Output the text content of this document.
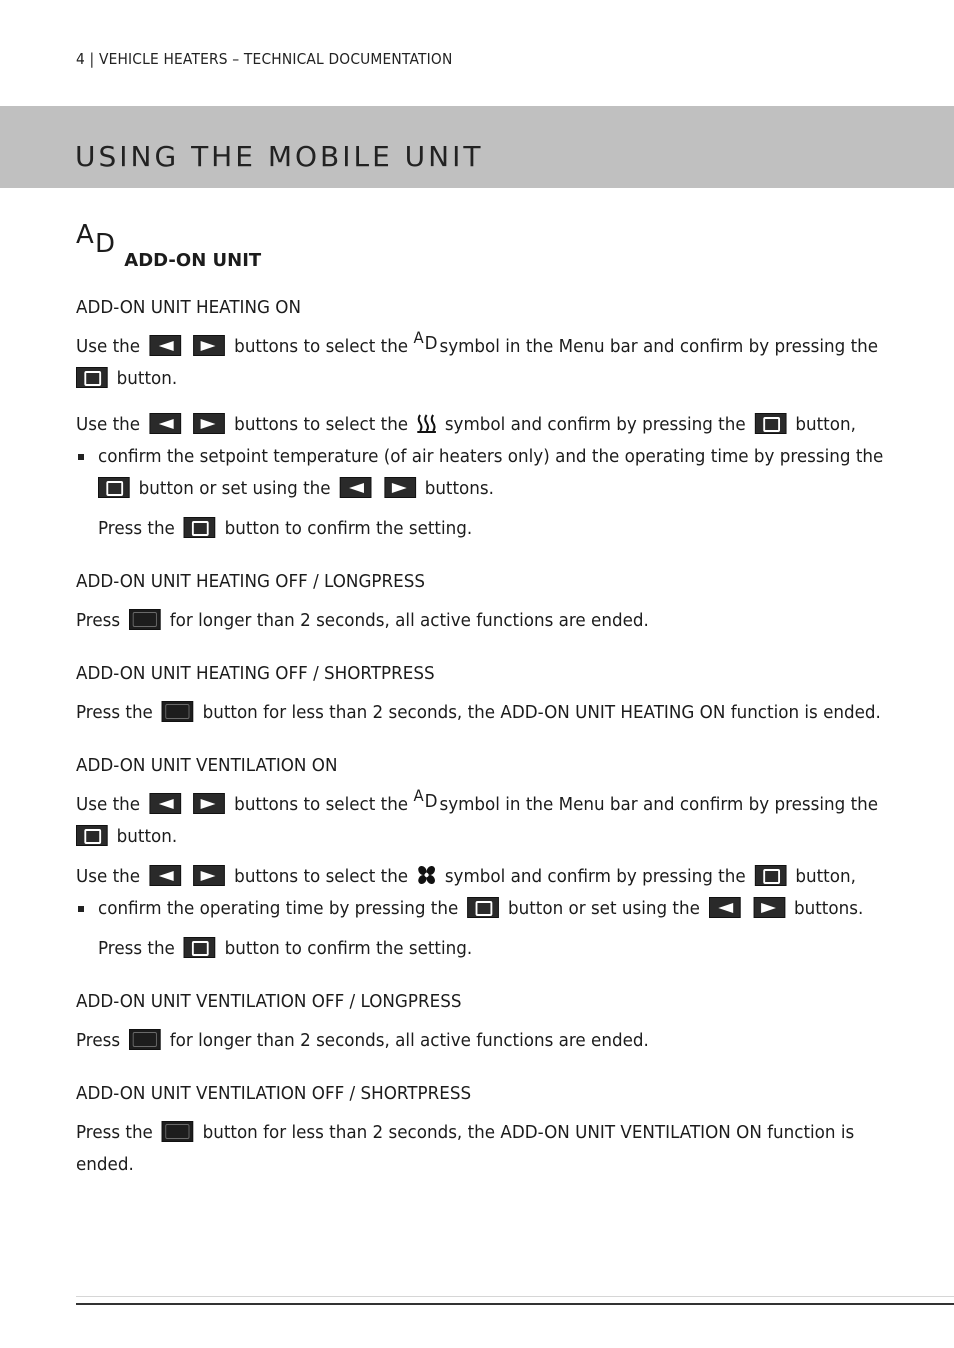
4 | VEHICLE HEATERS – TECHNICAL DOCUMENTATION
USING THE MOBILE UNIT
A D
ADD-ON UNIT
ADD-ON UNIT HEATING ON
Use the
	buttons to select the A D symbol in the Menu bar and confirm by pressing the
button.
Use the
	buttons to select the symbol and confirm by pressing the	button,
confirm the setpoint temperature (of air heaters only) and the operating time by pressing the
button or set using the
	buttons.
Press the	button to confirm the setting.
ADD-ON UNIT HEATING OFF / LONGPRESS
Press	for longer than 2 seconds, all active functions are ended.
ADD-ON UNIT HEATING OFF / SHORTPRESS
Press the	button for less than 2 seconds, the ADD-ON UNIT HEATING ON function is ended.
ADD-ON UNIT VENTILATION ON
Use the
	buttons to select the A D symbol in the Menu bar and confirm by pressing the
button.
Use the
	buttons to select the symbol and confirm by pressing the	button,
confirm the operating time by pressing the	button or set using the
	buttons.
Press the	button to confirm the setting.
ADD-ON UNIT VENTILATION OFF / LONGPRESS
Press	for longer than 2 seconds, all active functions are ended.
ADD-ON UNIT VENTILATION OFF / SHORTPRESS
Press the	button for less than 2 seconds, the ADD-ON UNIT VENTILATION ON function is
ended.
